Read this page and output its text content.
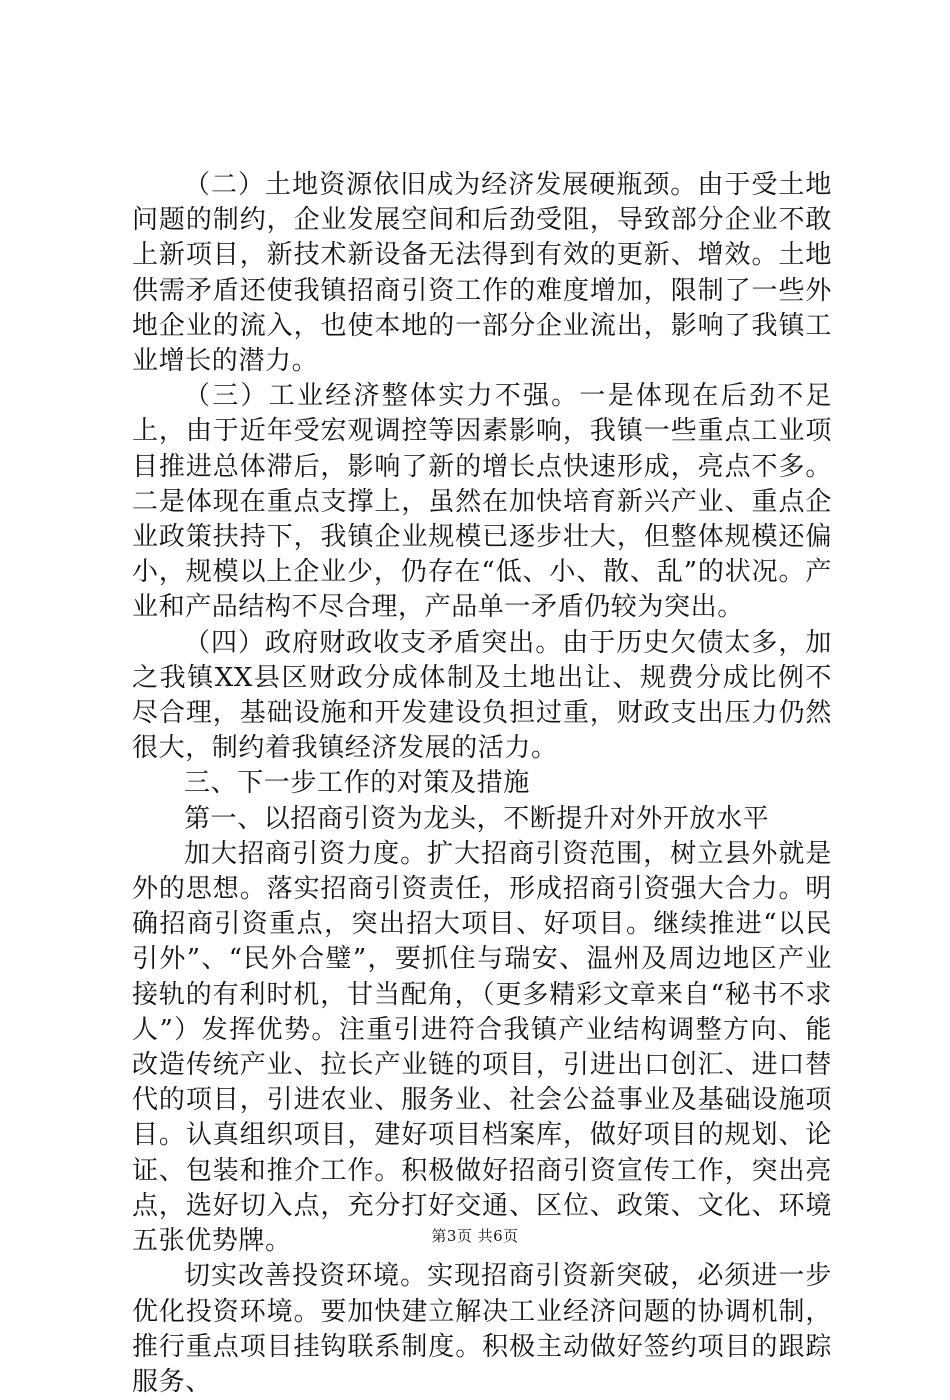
（二）土地资源依旧成为经济发展硬瓶颈。由于受土地问题的制约，企业发展空间和后劲受阻，导致部分企业不敢上新项目，新技术新设备无法得到有效的更新、增效。土地供需矛盾还使我镇招商引资工作的难度增加，限制了一些外地企业的流入，也使本地的一部分企业流出，影响了我镇工业增长的潜力。

（三）工业经济整体实力不强。一是体现在后劲不足上，由于近年受宏观调控等因素影响，我镇一些重点工业项目推进总体滞后，影响了新的增长点快速形成，亮点不多。二是体现在重点支撑上，虽然在加快培育新兴产业、重点企业政策扶持下，我镇企业规模已逐步壮大，但整体规模还偏小，规模以上企业少，仍存在“低、小、散、乱”的状况。产业和产品结构不尽合理，产品单一矛盾仍较为突出。

（四）政府财政收支矛盾突出。由于历史欠债太多，加之我镇XX县区财政分成体制及土地出让、规费分成比例不尽合理，基础设施和开发建设负担过重，财政支出压力仍然很大，制约着我镇经济发展的活力。

三、下一步工作的对策及措施

第一、以招商引资为龙头，不断提升对外开放水平

加大招商引资力度。扩大招商引资范围，树立县外就是外的思想。落实招商引资责任，形成招商引资强大合力。明确招商引资重点，突出招大项目、好项目。继续推进“以民引外”、“民外合璧”，要抓住与瑞安、温州及周边地区产业接轨的有利时机，甘当配角，（更多精彩文章来自“秘书不求人”）发挥优势。注重引进符合我镇产业结构调整方向、能改造传统产业、拉长产业链的项目，引进出口创汇、进口替代的项目，引进农业、服务业、社会公益事业及基础设施项目。认真组织项目，建好项目档案库，做好项目的规划、论证、包装和推介工作。积极做好招商引资宣传工作，突出亮点，选好切入点，充分打好交通、区位、政策、文化、环境五张优势牌。

切实改善投资环境。实现招商引资新突破，必须进一步优化投资环境。要加快建立解决工业经济问题的协调机制，推行重点项目挂钩联系制度。积极主动做好签约项目的跟踪服务、

第3页 共6页
